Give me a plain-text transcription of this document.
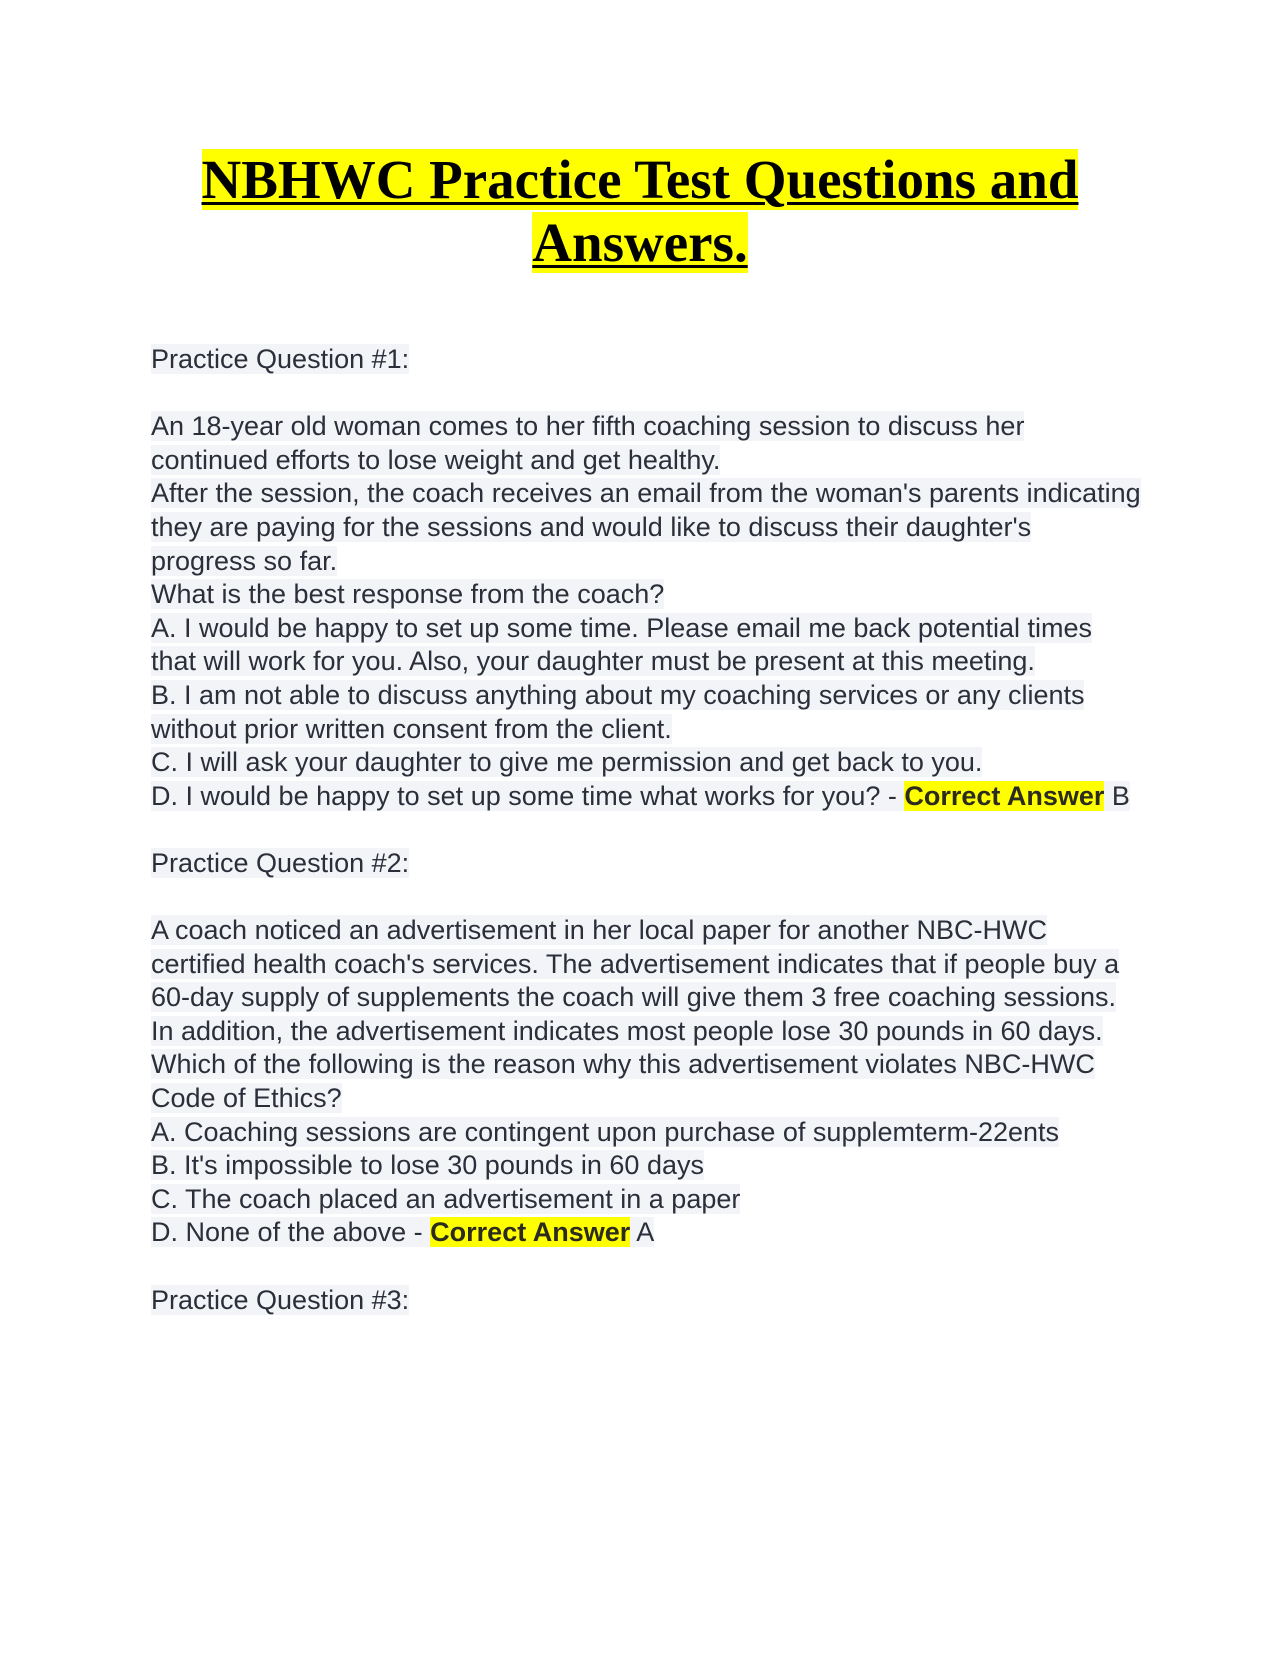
NBHWC Practice Test Questions and
Answers.

Practice Question #1:

An 18-year old woman comes to her fifth coaching session to discuss her continued efforts to lose weight and get healthy.

After the session, the coach receives an email from the woman's parents indicating they are paying for the sessions and would like to discuss their daughter's progress so far.

What is the best response from the coach?

A. I would be happy to set up some time. Please email me back potential times that will work for you. Also, your daughter must be present at this meeting.

B. I am not able to discuss anything about my coaching services or any clients without prior written consent from the client.

C. I will ask your daughter to give me permission and get back to you.

D. I would be happy to set up some time what works for you? - Correct Answer B

Practice Question #2:

A coach noticed an advertisement in her local paper for another NBC-HWC certified health coach's services. The advertisement indicates that if people buy a 60-day supply of supplements the coach will give them 3 free coaching sessions. In addition, the advertisement indicates most people lose 30 pounds in 60 days. Which of the following is the reason why this advertisement violates NBC-HWC Code of Ethics?

A. Coaching sessions are contingent upon purchase of supplemterm-22ents

B. It's impossible to lose 30 pounds in 60 days

C. The coach placed an advertisement in a paper

D. None of the above - Correct Answer A

Practice Question #3:
